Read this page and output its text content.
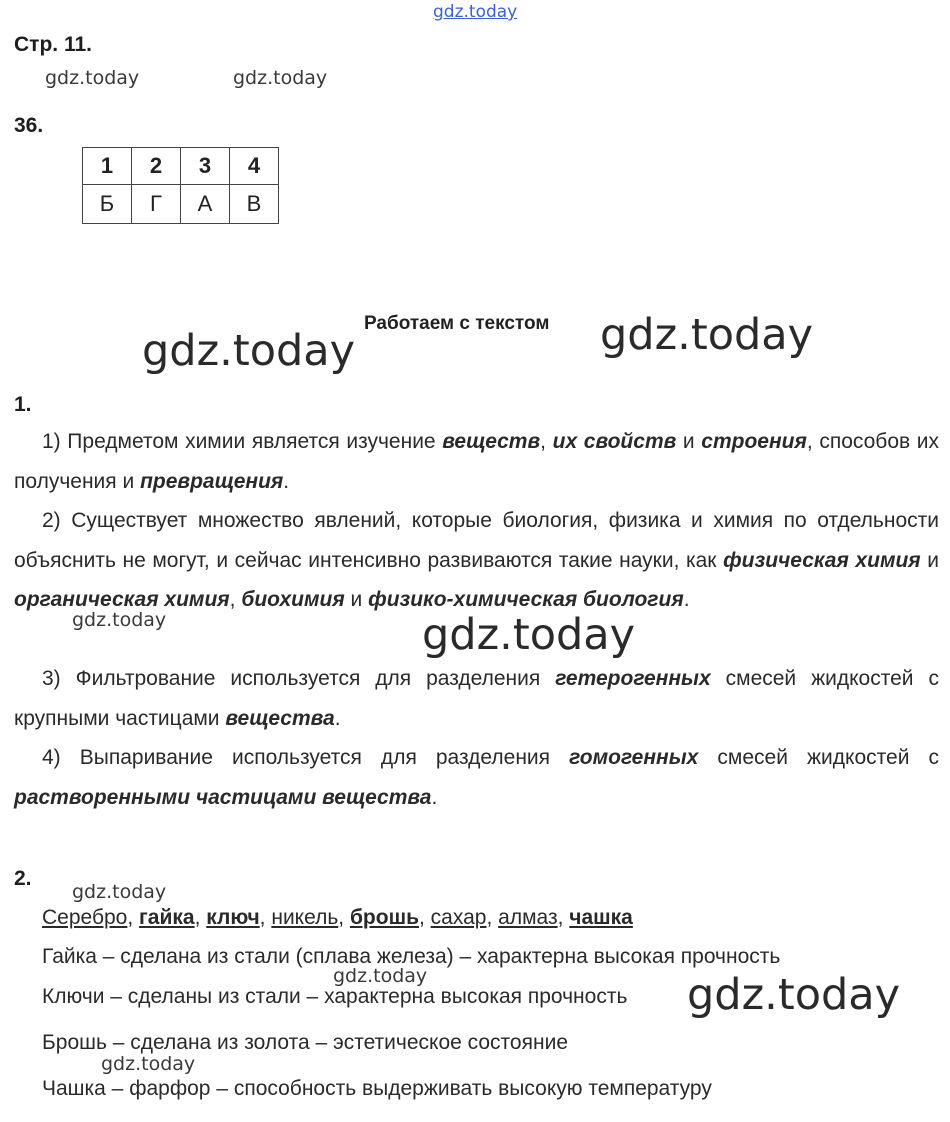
gdz.today
gdz.today	gdz.today
gdz.today	gdz.today
gdz.today	gdz.today
gdz.today
gdz.today	gdz.today
gdz.today
Стр. 11.
36.
1	2	3	4
Б	Г	А	В
Работаем с текстом
1.
1) Предметом химии является изучение веществ, их свойств и строения, способов их получения и превращения.
2) Существует множество явлений, которые биология, физика и химия по отдельности объяснить не могут, и сейчас интенсивно развиваются такие науки, как физическая химия и органическая химия, биохимия и физико-химическая биология.
3) Фильтрование используется для разделения гетерогенных смесей жидкостей с крупными частицами вещества.
4) Выпаривание используется для разделения гомогенных смесей жидкостей с растворенными частицами вещества.
2.
Серебро, гайка, ключ, никель, брошь, сахар, алмаз, чашка
Гайка – сделана из стали (сплава железа) – характерна высокая прочность
Ключи – сделаны из стали – характерна высокая прочность
Брошь – сделана из золота – эстетическое состояние
Чашка – фарфор – способность выдерживать высокую температуру
